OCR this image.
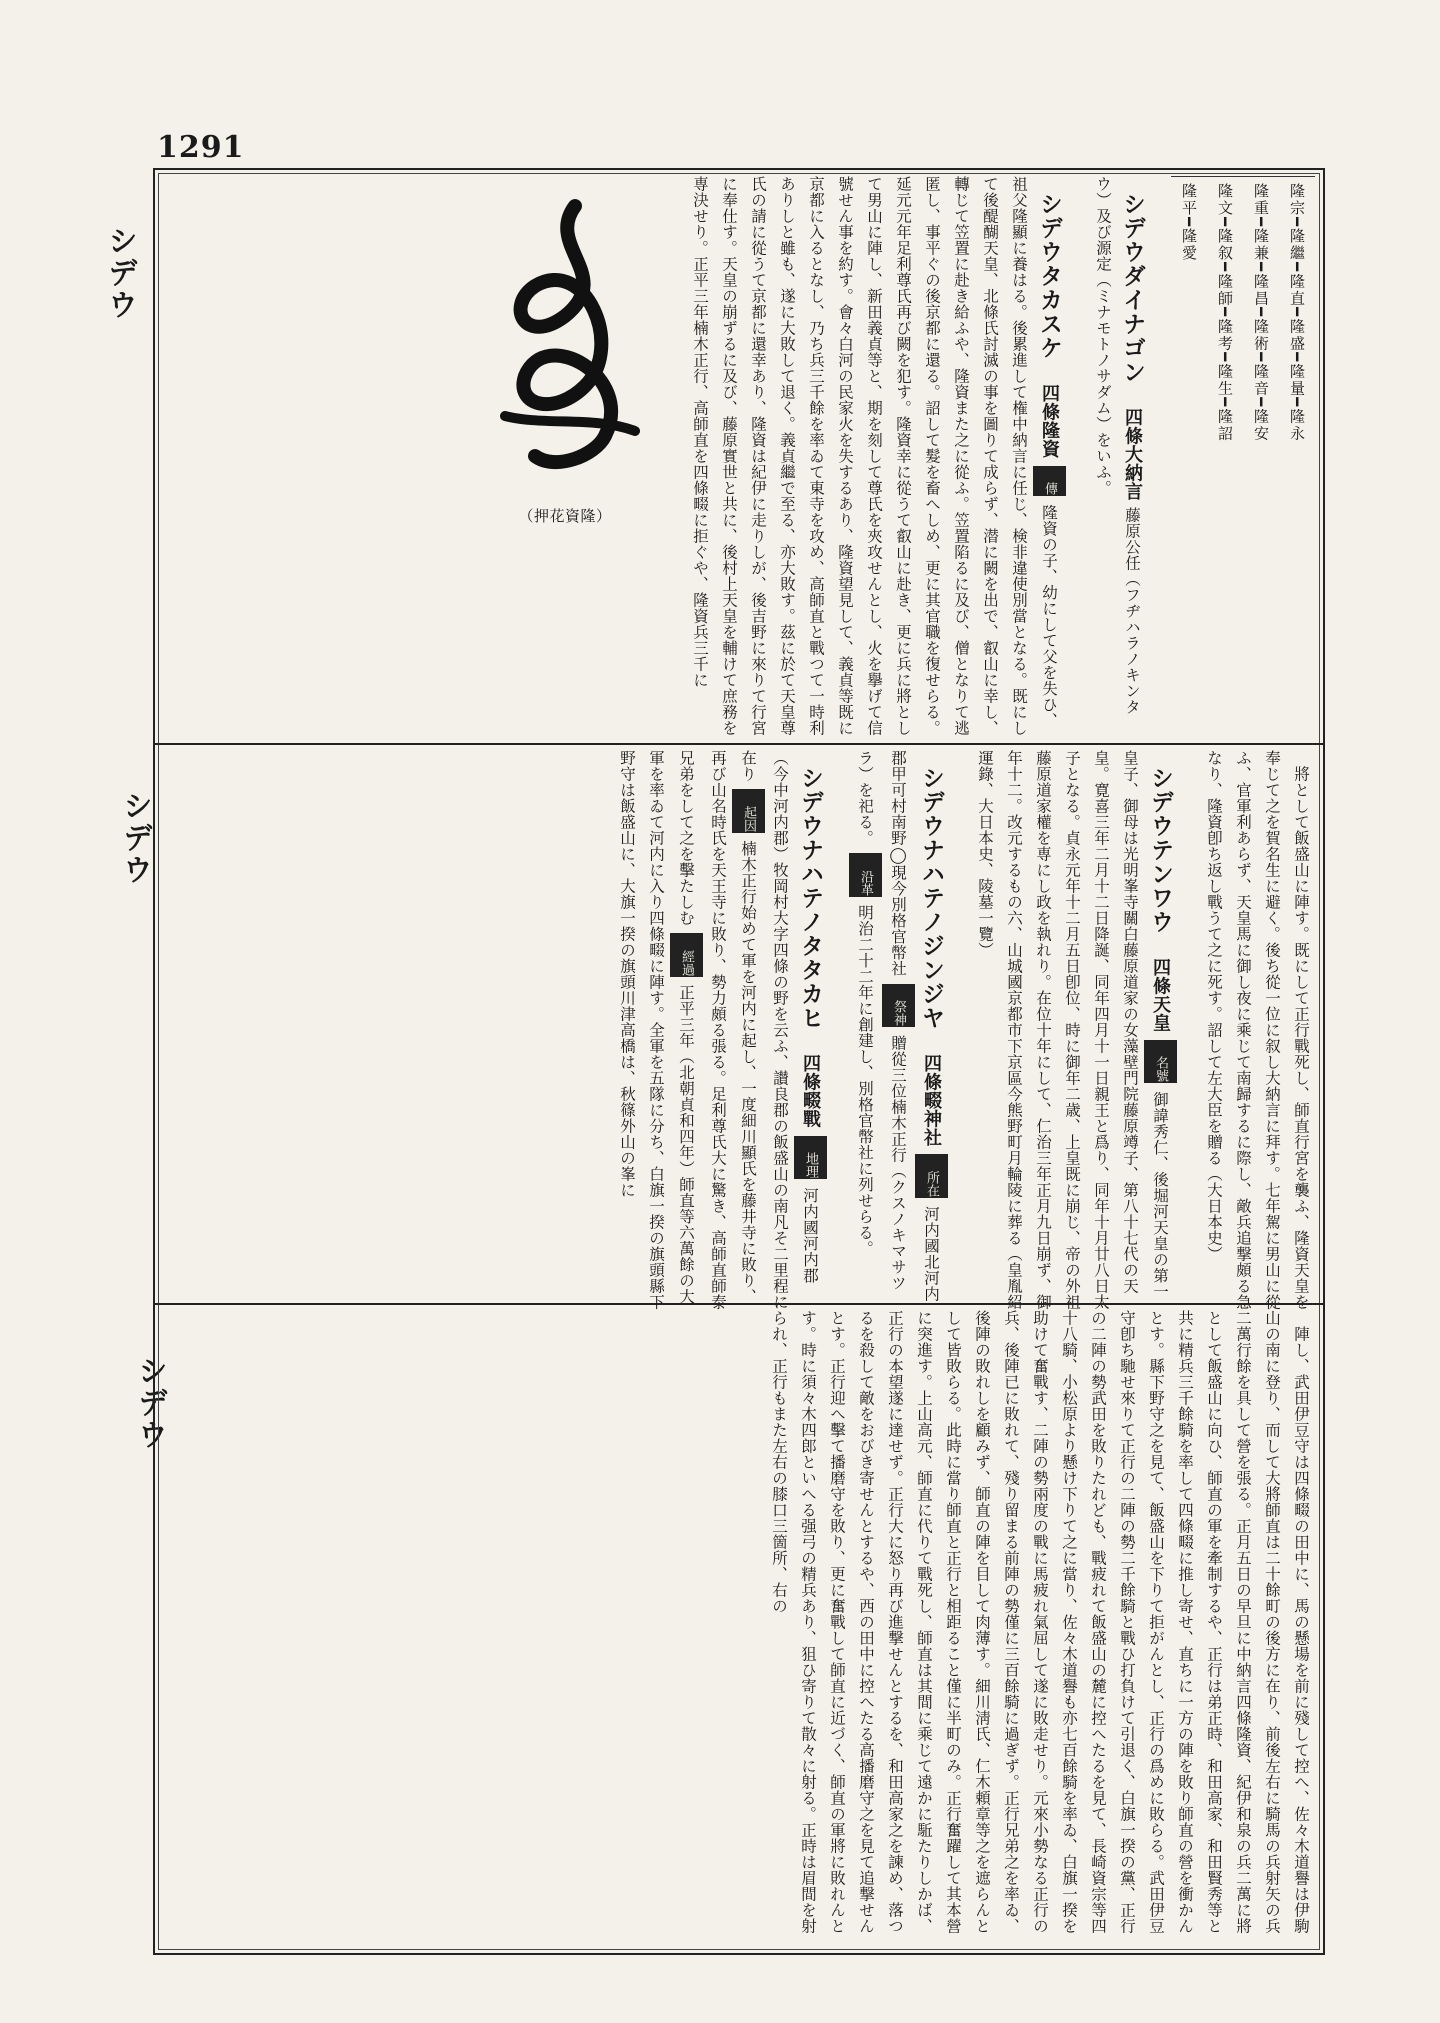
1291
シデウ
シデウ
シデウ
隆宗━隆繼━隆直━隆盛━隆量━隆永
隆重━隆兼━隆昌━隆術━隆音━隆安
隆文━隆叙━隆師━隆考━隆生━隆詔
隆平━隆愛

シデウダイナゴン 四條大納言 藤原公任（フヂハラノキンタウ）及び源定（ミナモトノサダム）をいふ。

シデウタカスケ 四條隆資 傳 隆資の子、幼にして父を失ひ、祖父隆顯に養はる。後累進して権中納言に任じ、検非違使別當となる。既にして後醍醐天皇、北條氏討滅の事を圖りて成らず、潜に闕を出で、叡山に幸し、轉じて笠置に赴き給ふや、隆資また之に從ふ。笠置陷るに及び、僧となりて逃匿し、事平ぐの後京都に還る。詔して髮を畜へしめ、更に其官職を復せらる。延元元年足利尊氏再び闕を犯す。隆資幸に從うて叡山に赴き、更に兵に將として男山に陣し、新田義貞等と、期を刻して尊氏を夾攻せんとし、火を擧げて信號せん事を約す。會々白河の民家火を失するあり、隆資望見して、義貞等既に京都に入るとなし、乃ち兵三千餘を率ゐて東寺を攻め、高師直と戰つて一時利ありしと雖も、遂に大敗して退く。義貞繼で至る、亦大敗す。茲に於て天皇尊氏の請に從うて京都に還幸あり、隆資は紀伊に走りしが、後吉野に來りて行宮に奉仕す。天皇の崩ずるに及び、藤原實世と共に、後村上天皇を輔けて庶務を専決せり。正平三年楠木正行、高師直を四條畷に拒ぐや、隆資兵三千に

（押花資隆）

將として飯盛山に陣す。既にして正行戰死し、師直行宮を襲ふ、隆資天皇を奉じて之を賀名生に避く。後ち從一位に叙し大納言に拜す。七年駕に男山に從ふ、官軍利あらず、天皇馬に御し夜に乘じて南歸するに際し、敵兵追撃頗る急なり、隆資卽ち返し戰うて之に死す。詔して左大臣を贈る（大日本史）

シデウテンワウ 四條天皇 名號 御諱秀仁、後堀河天皇の第一皇子、御母は光明峯寺關白藤原道家の女藻壁門院藤原竴子、第八十七代の天皇。寛喜三年二月十二日降誕、同年四月十一日親王と爲り、同年十月廿八日太子となる。貞永元年十二月五日卽位、時に御年二歳、上皇既に崩じ、帝の外祖藤原道家權を専にし政を執れり。在位十年にして、仁治三年正月九日崩ず、御年十二。改元するもの六、山城國京都市下京區今熊野町月輪陵に葬る（皇胤紹運錄、大日本史、陵墓一覽）

シデウナハテノジンジヤ 四條畷神社 所在 河内國北河内郡甲可村南野◯現今別格官幣社 祭神 贈從三位楠木正行（クスノキマサツラ）を祀る。 沿革 明治二十二年に創建し、別格官幣社に列せらる。

シデウナハテノタタカヒ 四條畷戰 地理 河内國河内郡（今中河内郡）牧岡村大字四條の野を云ふ、讃良郡の飯盛山の南凡そ二里程に在り 起因 楠木正行始めて軍を河内に起し、一度細川顯氏を藤井寺に敗り、再び山名時氏を天王寺に敗り、勢力頗る張る。足利尊氏大に驚き、高師直師泰兄弟をして之を擊たしむ 經過 正平三年（北朝貞和四年）師直等六萬餘の大軍を率ゐて河内に入り四條畷に陣す。全軍を五隊に分ち、白旗一揆の旗頭縣下野守は飯盛山に、大旗一揆の旗頭川津高橋は、秋篠外山の峯に

陣し、武田伊豆守は四條畷の田中に、馬の懸場を前に殘して控へ、佐々木道譽は伊駒山の南に登り、而して大將師直は二十餘町の後方に在り、前後左右に騎馬の兵射矢の兵二萬行餘を具して營を張る。正月五日の早旦に中納言四條隆資、紀伊和泉の兵二萬に將として飯盛山に向ひ、師直の軍を牽制するや、正行は弟正時、和田高家、和田賢秀等と共に精兵三千餘騎を率して四條畷に推し寄せ、直ちに一方の陣を敗り師直の營を衝かんとす。縣下野守之を見て、飯盛山を下りて拒がんとし、正行の爲めに敗らる。武田伊豆守卽ち馳せ來りて正行の二陣の勢二千餘騎と戰ひ打負けて引退く、白旗一揆の黨、正行の二陣の勢武田を敗りたれども、戰疲れて飯盛山の麓に控へたるを見て、長崎資宗等四十八騎、小松原より懸け下りて之に當り、佐々木道譽も亦七百餘騎を率ゐ、白旗一揆を助けて奮戰す、二陣の勢兩度の戰に馬疲れ氣屈して遂に敗走せり。元來小勢なる正行の兵、後陣已に敗れて、殘り留まる前陣の勢僅に三百餘騎に過ぎず。正行兄弟之を率ゐ、後陣の敗れしを顧みず、師直の陣を目して肉薄す。細川淸氏、仁木頼章等之を遮らんとして皆敗らる。此時に當り師直と正行と相距ること僅に半町のみ。正行奮躍して其本營に突進す。上山高元、師直に代りて戰死し、師直は其間に乘じて遠かに駈たりしかば、正行の本望遂に達せず。正行大に怒り再び進撃せんとするを、和田高家之を諫め、落つるを殺して敵をおびき寄せんとするや、西の田中に控へたる高播磨守之を見て追撃せんとす。正行迎へ擊て播磨守を敗り、更に奮戰して師直に近づく、師直の軍將に敗れんとす。時に須々木四郎といへる强弓の精兵あり、狙ひ寄りて散々に射る。正時は眉間を射られ、正行もまた左右の膝口三箇所、右の
